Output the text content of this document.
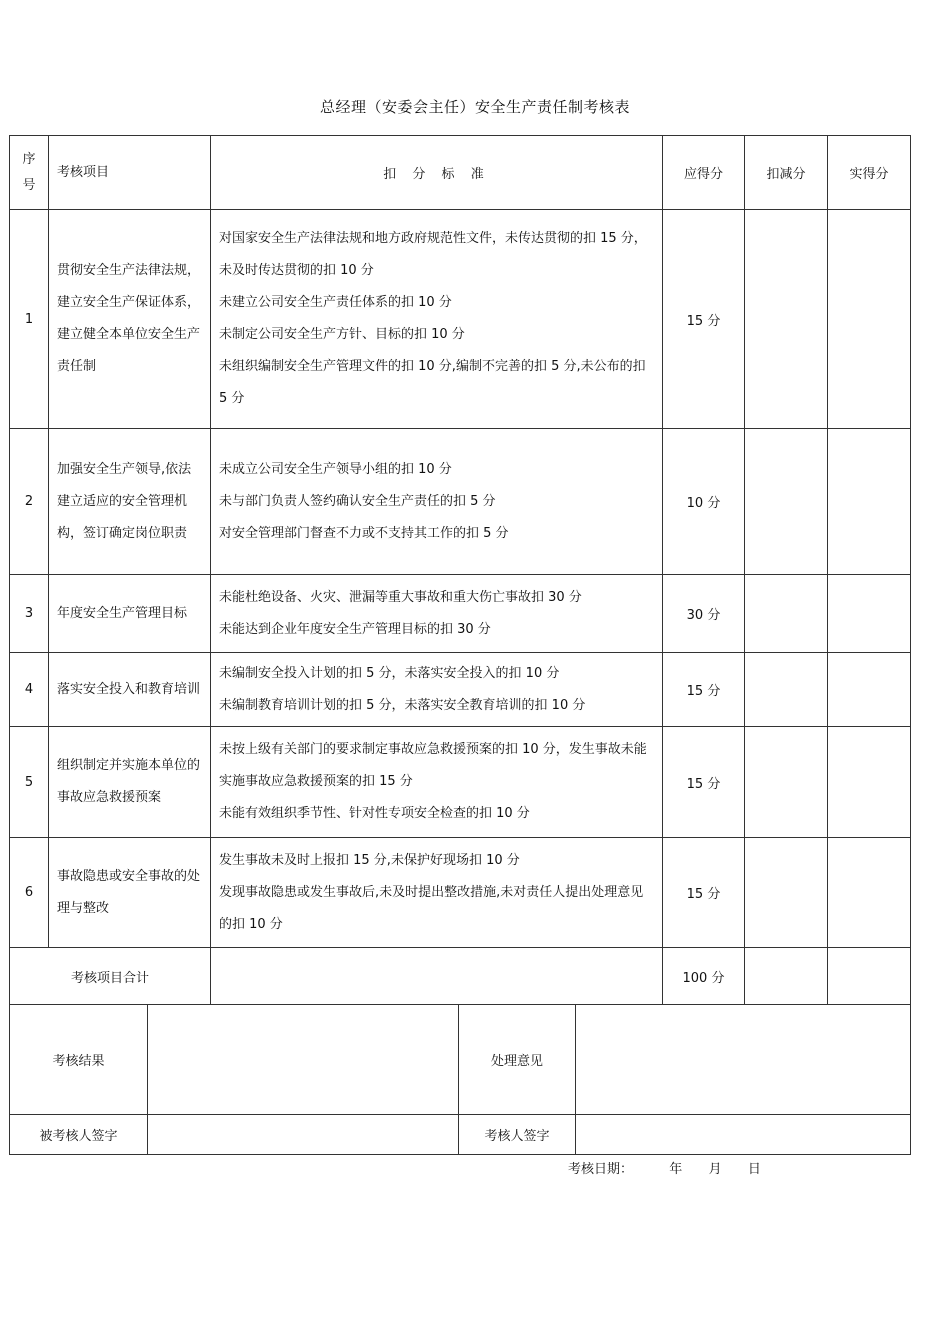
总经理（安委会主任）安全生产责任制考核表
序号	考核项目	扣 分 标 准	应得分	扣减分	实得分
1	贯彻安全生产法律法规，建立安全生产保证体系，建立健全本单位安全生产责任制	对国家安全生产法律法规和地方政府规范性文件，未传达贯彻的扣 15 分，未及时传达贯彻的扣 10 分
未建立公司安全生产责任体系的扣 10 分
未制定公司安全生产方针、目标的扣 10 分
未组织编制安全生产管理文件的扣 10 分,编制不完善的扣 5 分,未公布的扣 5 分	15 分		
2	加强安全生产领导,依法建立适应的安全管理机构，签订确定岗位职责	未成立公司安全生产领导小组的扣 10 分
未与部门负责人签约确认安全生产责任的扣 5 分
对安全管理部门督查不力或不支持其工作的扣 5 分	10 分		
3	年度安全生产管理目标	未能杜绝设备、火灾、泄漏等重大事故和重大伤亡事故扣 30 分
未能达到企业年度安全生产管理目标的扣 30 分	30 分		
4	落实安全投入和教育培训	未编制安全投入计划的扣 5 分，未落实安全投入的扣 10 分
未编制教育培训计划的扣 5 分，未落实安全教育培训的扣 10 分	15 分		
5	组织制定并实施本单位的事故应急救援预案	未按上级有关部门的要求制定事故应急救援预案的扣 10 分，发生事故未能实施事故应急救援预案的扣 15 分
未能有效组织季节性、针对性专项安全检查的扣 10 分	15 分		
6	事故隐患或安全事故的处理与整改	发生事故未及时上报扣 15 分,未保护好现场扣 10 分
发现事故隐患或发生事故后,未及时提出整改措施,未对责任人提出处理意见的扣 10 分	15 分		
考核项目合计			100 分		
考核结果		处理意见	
被考核人签字		考核人签字	
考核日期：	年 月 日
